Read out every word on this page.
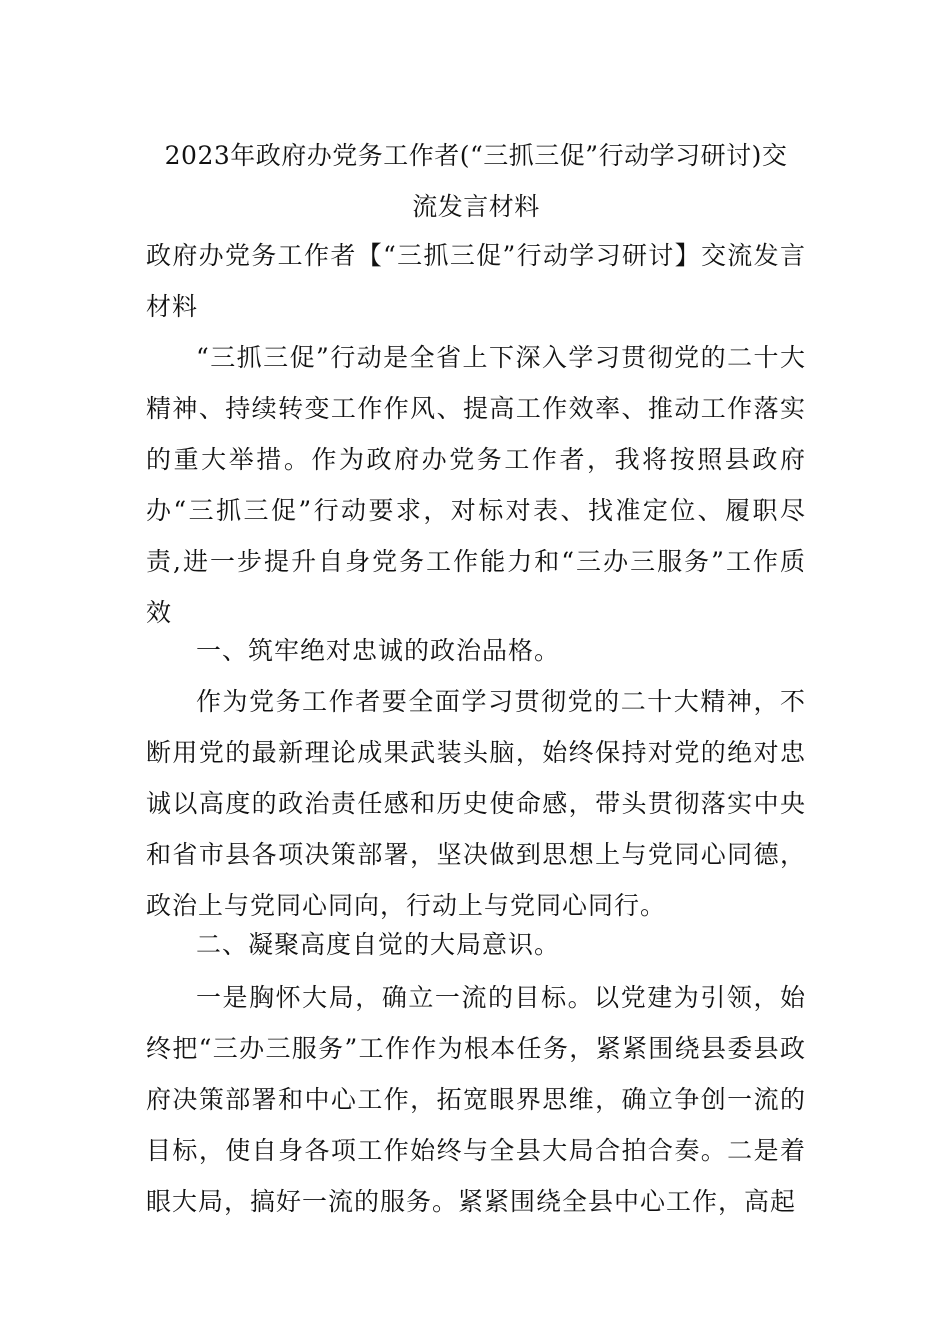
2023年政府办党务工作者(“三抓三促”行动学习研讨)交
流发言材料
政府办党务工作者【“三抓三促”行动学习研讨】交流发言材料

“三抓三促”行动是全省上下深入学习贯彻党的二十大精神、持续转变工作作风、提高工作效率、推动工作落实的重大举措。作为政府办党务工作者，我将按照县政府办“三抓三促”行动要求，对标对表、找准定位、履职尽责,进一步提升自身党务工作能力和“三办三服务”工作质效

一、筑牢绝对忠诚的政治品格。

作为党务工作者要全面学习贯彻党的二十大精神，不断用党的最新理论成果武装头脑，始终保持对党的绝对忠诚以高度的政治责任感和历史使命感，带头贯彻落实中央和省市县各项决策部署，坚决做到思想上与党同心同德，政治上与党同心同向，行动上与党同心同行。

二、凝聚高度自觉的大局意识。

一是胸怀大局，确立一流的目标。以党建为引领，始终把“三办三服务”工作作为根本任务，紧紧围绕县委县政府决策部署和中心工作，拓宽眼界思维，确立争创一流的目标，使自身各项工作始终与全县大局合拍合奏。二是着眼大局，搞好一流的服务。紧紧围绕全县中心工作，高起
